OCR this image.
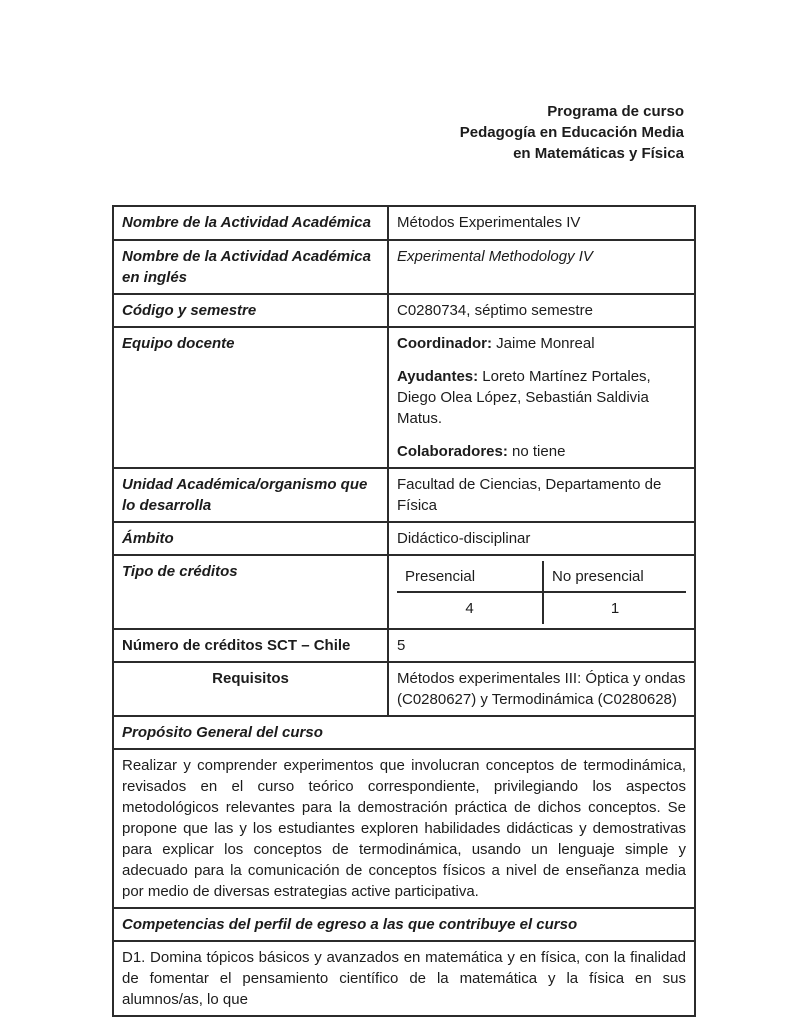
Programa de curso
Pedagogía en Educación Media
en Matemáticas y Física
Nombre de la Actividad Académica	Métodos Experimentales IV
Nombre de la Actividad Académica en inglés	Experimental Methodology IV
Código y semestre	C0280734, séptimo semestre
Equipo docente	Coordinador: Jaime Monreal

Ayudantes: Loreto Martínez Portales, Diego Olea López, Sebastián Saldivia Matus.

Colaboradores: no tiene

Unidad Académica/organismo que lo desarrolla	Facultad de Ciencias, Departamento de Física
Ámbito	Didáctico-disciplinar
Tipo de créditos	Presencial No presencial
4 1

Número de créditos SCT – Chile	5
Requisitos	Métodos experimentales III: Óptica y ondas (C0280627) y Termodinámica (C0280628)
Propósito General del curso	
Realizar y comprender experimentos que involucran conceptos de termodinámica, revisados en el curso teórico correspondiente, privilegiando los aspectos metodológicos relevantes para la demostración práctica de dichos conceptos. Se propone que las y los estudiantes exploren habilidades didácticas y demostrativas para explicar los conceptos de termodinámica, usando un lenguaje simple y adecuado para la comunicación de conceptos físicos a nivel de enseñanza media por medio de diversas estrategias active participativa.	
Competencias del perfil de egreso a las que contribuye el curso	
D1. Domina tópicos básicos y avanzados en matemática y en física, con la finalidad de fomentar el pensamiento científico de la matemática y la física en sus alumnos/as, lo que	
